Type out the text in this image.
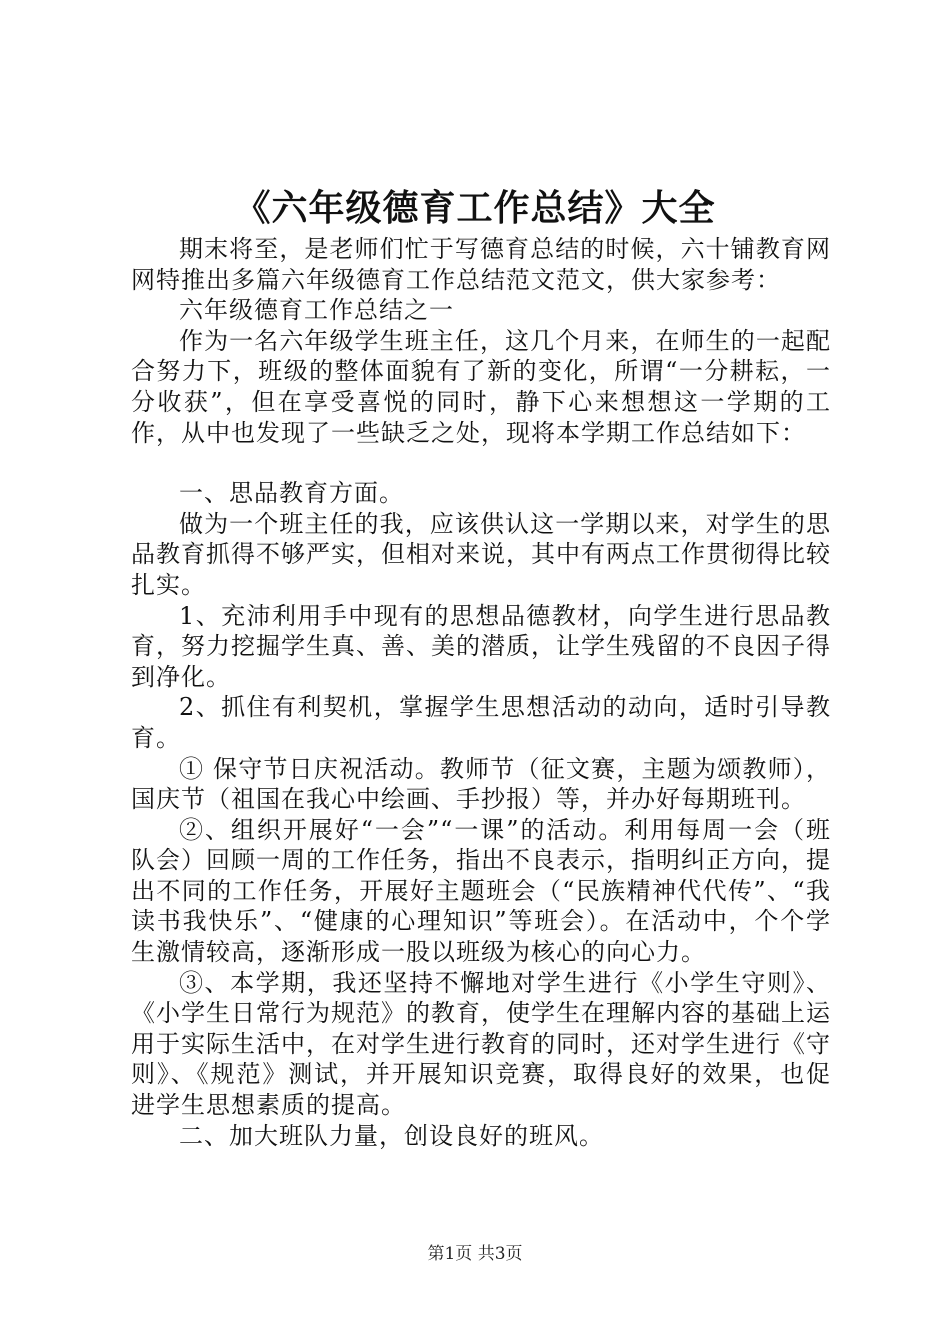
《六年级德育工作总结》大全

期末将至，是老师们忙于写德育总结的时候，六十铺教育网网特推出多篇六年级德育工作总结范文范文，供大家参考：

六年级德育工作总结之一

作为一名六年级学生班主任，这几个月来，在师生的一起配合努力下，班级的整体面貌有了新的变化，所谓“一分耕耘，一分收获”，但在享受喜悦的同时，静下心来想想这一学期的工作，从中也发现了一些缺乏之处，现将本学期工作总结如下：

一、思品教育方面。

做为一个班主任的我，应该供认这一学期以来，对学生的思品教育抓得不够严实，但相对来说，其中有两点工作贯彻得比较扎实。

1、充沛利用手中现有的思想品德教材，向学生进行思品教育，努力挖掘学生真、善、美的潜质，让学生残留的不良因子得到净化。

2、抓住有利契机，掌握学生思想活动的动向，适时引导教育。

① 保守节日庆祝活动。教师节（征文赛，主题为颂教师），国庆节（祖国在我心中绘画、手抄报）等，并办好每期班刊。

②、组织开展好“一会”“一课”的活动。利用每周一会（班队会）回顾一周的工作任务，指出不良表示，指明纠正方向，提出不同的工作任务，开展好主题班会（“民族精神代代传”、“我读书我快乐”、“健康的心理知识”等班会）。在活动中，个个学生激情较高，逐渐形成一股以班级为核心的向心力。

③、本学期，我还坚持不懈地对学生进行《小学生守则》、《小学生日常行为规范》的教育，使学生在理解内容的基础上运用于实际生活中，在对学生进行教育的同时，还对学生进行《守则》、《规范》测试，并开展知识竞赛，取得良好的效果，也促进学生思想素质的提高。

二、加大班队力量，创设良好的班风。

第1页 共3页
